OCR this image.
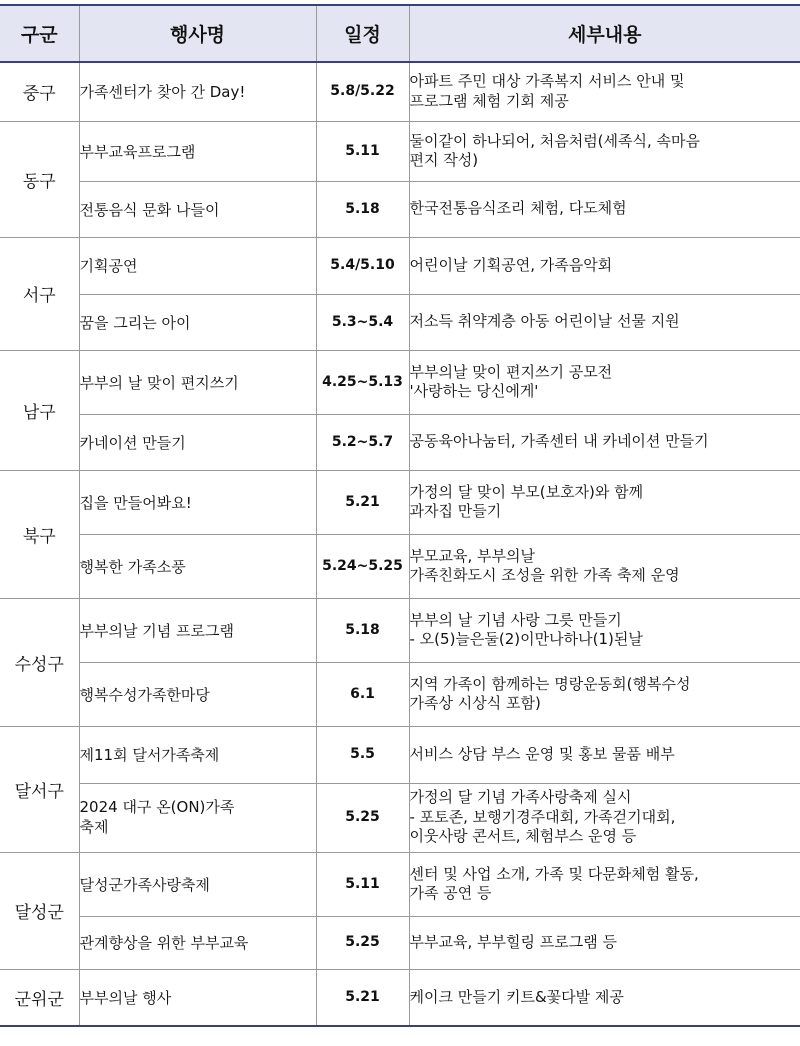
구군	행사명	일정	세부내용
중구	가족센터가 찾아 간 Day!	5.8/5.22	아파트 주민 대상 가족복지 서비스 안내 및
프로그램 체험 기회 제공
동구	부부교육프로그램	5.11	둘이같이 하나되어, 처음처럼(세족식, 속마음
편지 작성)
	전통음식 문화 나들이	5.18	한국전통음식조리 체험, 다도체험
서구	기획공연	5.4/5.10	어린이날 기획공연, 가족음악회
	꿈을 그리는 아이	5.3~5.4	저소득 취약계층 아동 어린이날 선물 지원
남구	부부의 날 맞이 편지쓰기	4.25~5.13	부부의날 맞이 편지쓰기 공모전
'사랑하는 당신에게'
	카네이션 만들기	5.2~5.7	공동육아나눔터, 가족센터 내 카네이션 만들기
북구	집을 만들어봐요!	5.21	가정의 달 맞이 부모(보호자)와 함께
과자집 만들기
	행복한 가족소풍	5.24~5.25	부모교육, 부부의날
가족친화도시 조성을 위한 가족 축제 운영
수성구	부부의날 기념 프로그램	5.18	부부의 날 기념 사랑 그릇 만들기
- 오(5)늘은둘(2)이만나하나(1)된날
	행복수성가족한마당	6.1	지역 가족이 함께하는 명랑운동회(행복수성
가족상 시상식 포함)
달서구	제11회 달서가족축제	5.5	서비스 상담 부스 운영 및 홍보 물품 배부
	2024 대구 온(ON)가족
축제	5.25	가정의 달 기념 가족사랑축제 실시
- 포토존, 보행기경주대회, 가족걷기대회,
이웃사랑 콘서트, 체험부스 운영 등
달성군	달성군가족사랑축제	5.11	센터 및 사업 소개, 가족 및 다문화체험 활동,
가족 공연 등
	관계향상을 위한 부부교육	5.25	부부교육, 부부힐링 프로그램 등
군위군	부부의날 행사	5.21	케이크 만들기 키트&꽃다발 제공
